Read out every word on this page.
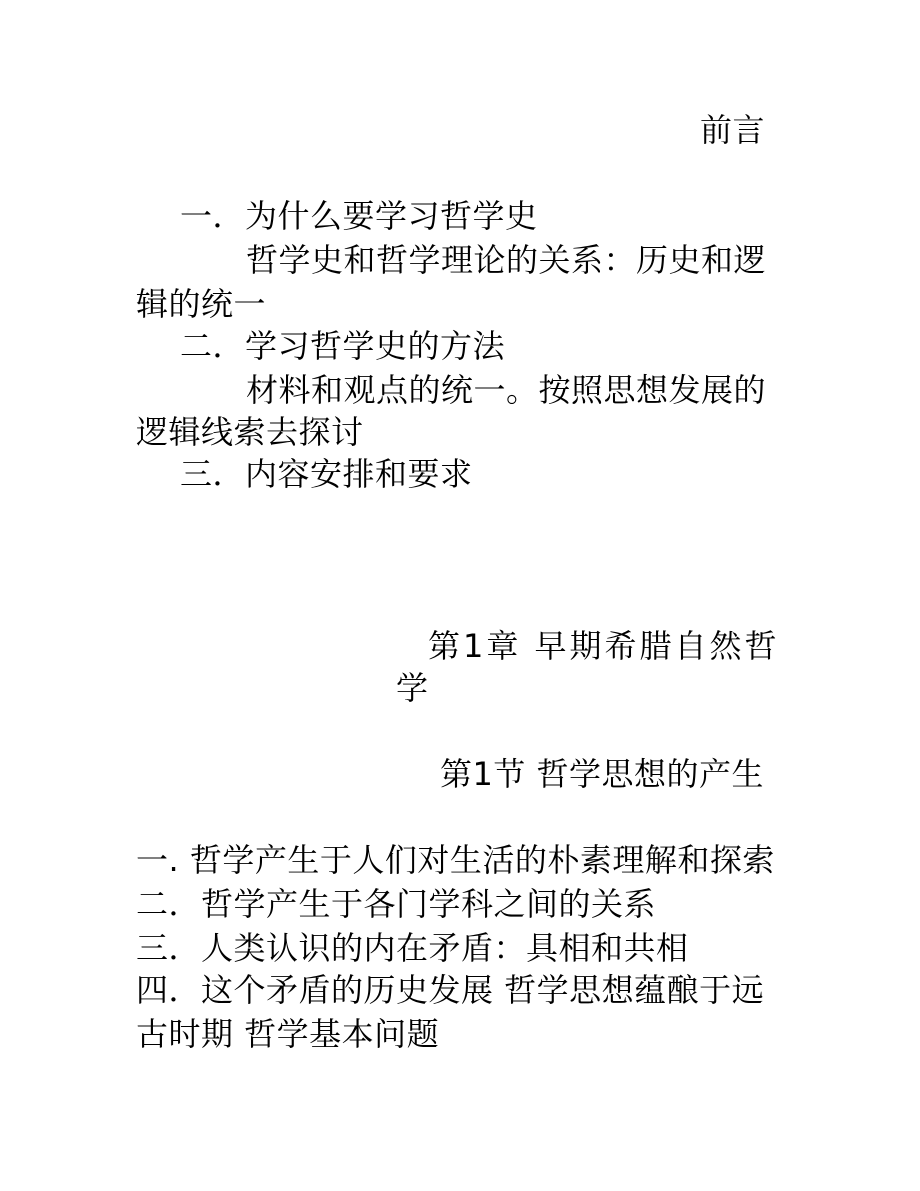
前言
一．为什么要学习哲学史
哲学史和哲学理论的关系：历史和逻
辑的统一
二．学习哲学史的方法
材料和观点的统一。按照思想发展的
逻辑线索去探讨
三．内容安排和要求
第1章 早期希腊自然哲
学
第1节 哲学思想的产生
一. 哲学产生于人们对生活的朴素理解和探索
二．哲学产生于各门学科之间的关系
三．人类认识的内在矛盾：具相和共相
四．这个矛盾的历史发展 哲学思想蕴酿于远
古时期 哲学基本问题
